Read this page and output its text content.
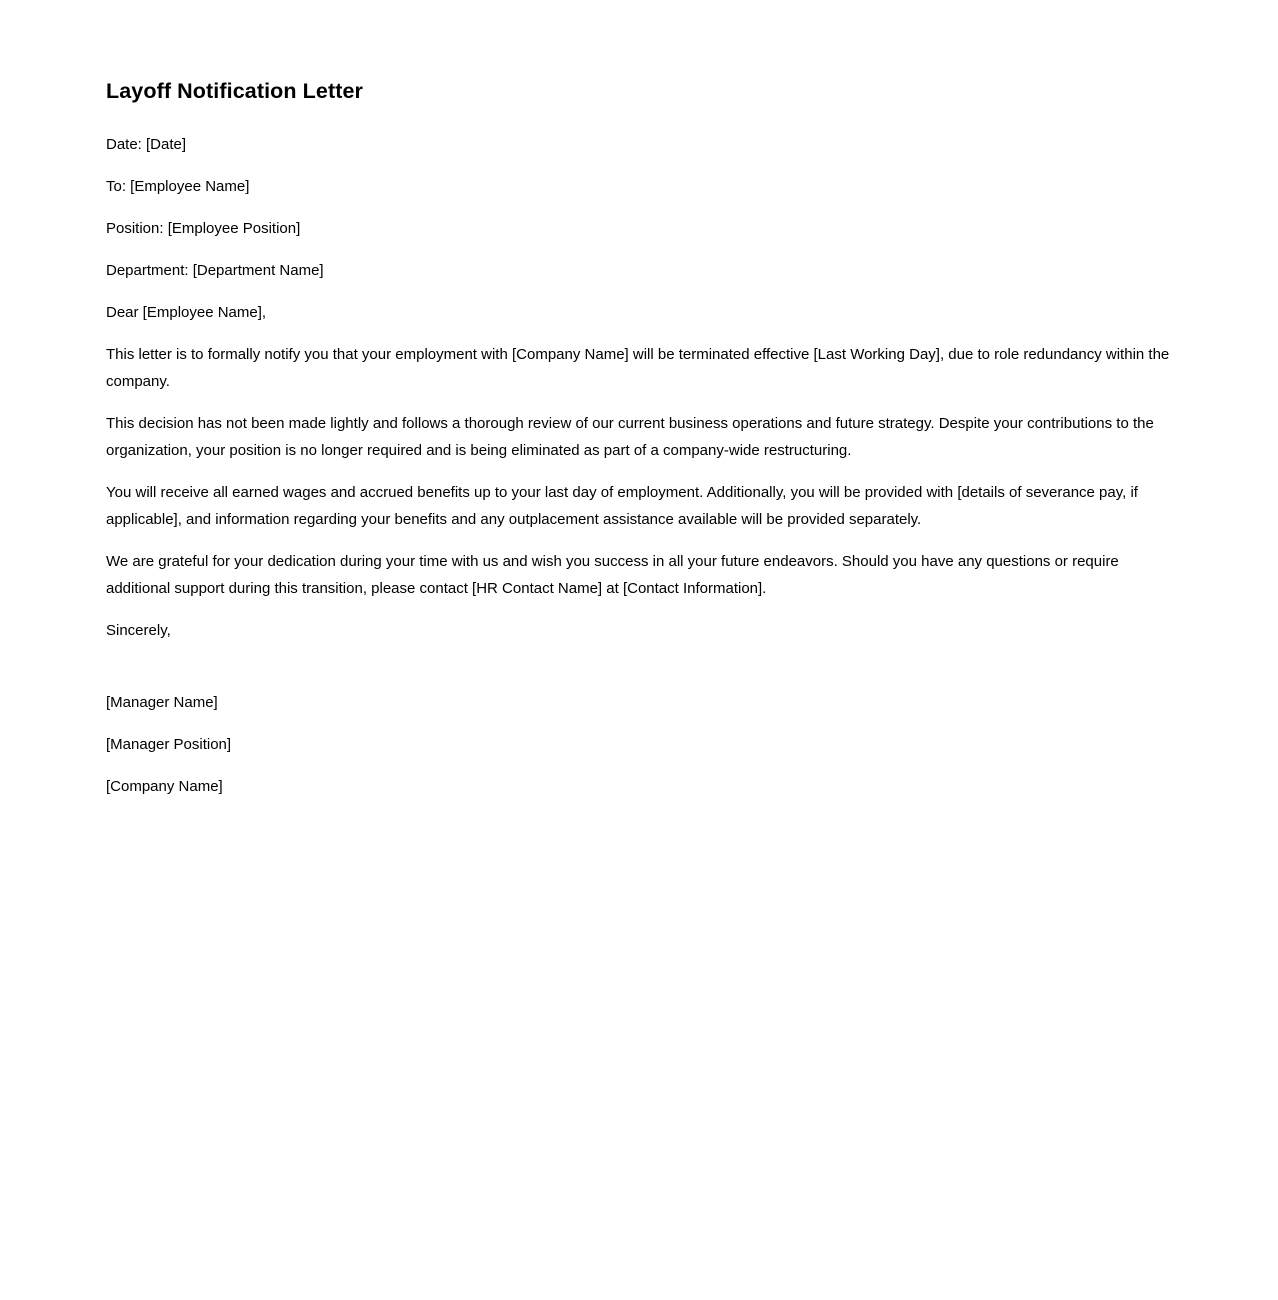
Layoff Notification Letter

Date: [Date]

To: [Employee Name]

Position: [Employee Position]

Department: [Department Name]

Dear [Employee Name],

This letter is to formally notify you that your employment with [Company Name] will be terminated effective [Last Working Day], due to role redundancy within the company.

This decision has not been made lightly and follows a thorough review of our current business operations and future strategy. Despite your contributions to the organization, your position is no longer required and is being eliminated as part of a company-wide restructuring.

You will receive all earned wages and accrued benefits up to your last day of employment. Additionally, you will be provided with [details of severance pay, if applicable], and information regarding your benefits and any outplacement assistance available will be provided separately.

We are grateful for your dedication during your time with us and wish you success in all your future endeavors. Should you have any questions or require additional support during this transition, please contact [HR Contact Name] at [Contact Information].

Sincerely,

[Manager Name]

[Manager Position]

[Company Name]
